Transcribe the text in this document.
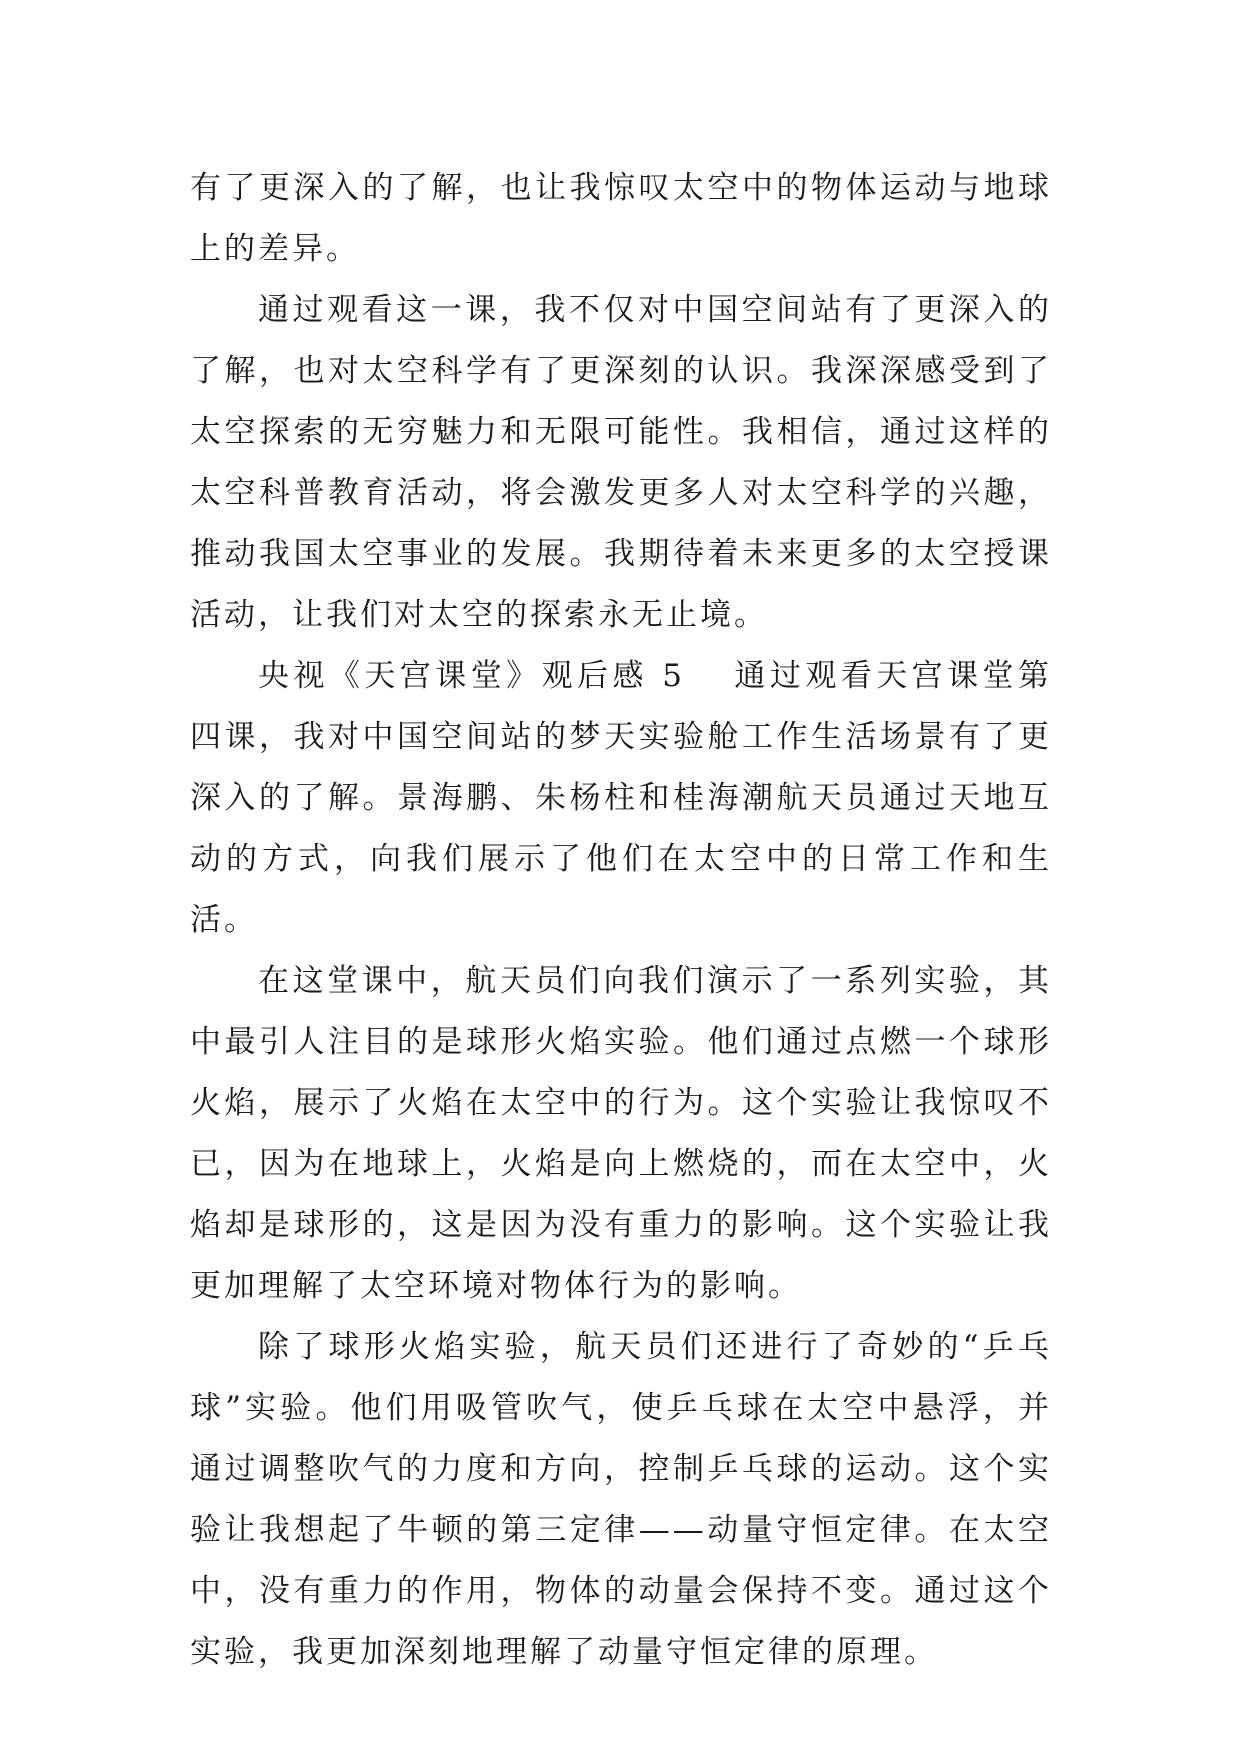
有了更深入的了解，也让我惊叹太空中的物体运动与地球上的差异。

通过观看这一课，我不仅对中国空间站有了更深入的了解，也对太空科学有了更深刻的认识。我深深感受到了太空探索的无穷魅力和无限可能性。我相信，通过这样的太空科普教育活动，将会激发更多人对太空科学的兴趣，推动我国太空事业的发展。我期待着未来更多的太空授课活动，让我们对太空的探索永无止境。

央视《天宫课堂》观后感 5 通过观看天宫课堂第四课，我对中国空间站的梦天实验舱工作生活场景有了更深入的了解。景海鹏、朱杨柱和桂海潮航天员通过天地互动的方式，向我们展示了他们在太空中的日常工作和生活。

在这堂课中，航天员们向我们演示了一系列实验，其中最引人注目的是球形火焰实验。他们通过点燃一个球形火焰，展示了火焰在太空中的行为。这个实验让我惊叹不已，因为在地球上，火焰是向上燃烧的，而在太空中，火焰却是球形的，这是因为没有重力的影响。这个实验让我更加理解了太空环境对物体行为的影响。

除了球形火焰实验，航天员们还进行了奇妙的“乒乓球”实验。他们用吸管吹气，使乒乓球在太空中悬浮，并通过调整吹气的力度和方向，控制乒乓球的运动。这个实验让我想起了牛顿的第三定律——动量守恒定律。在太空中，没有重力的作用，物体的动量会保持不变。通过这个实验，我更加深刻地理解了动量守恒定律的原理。
